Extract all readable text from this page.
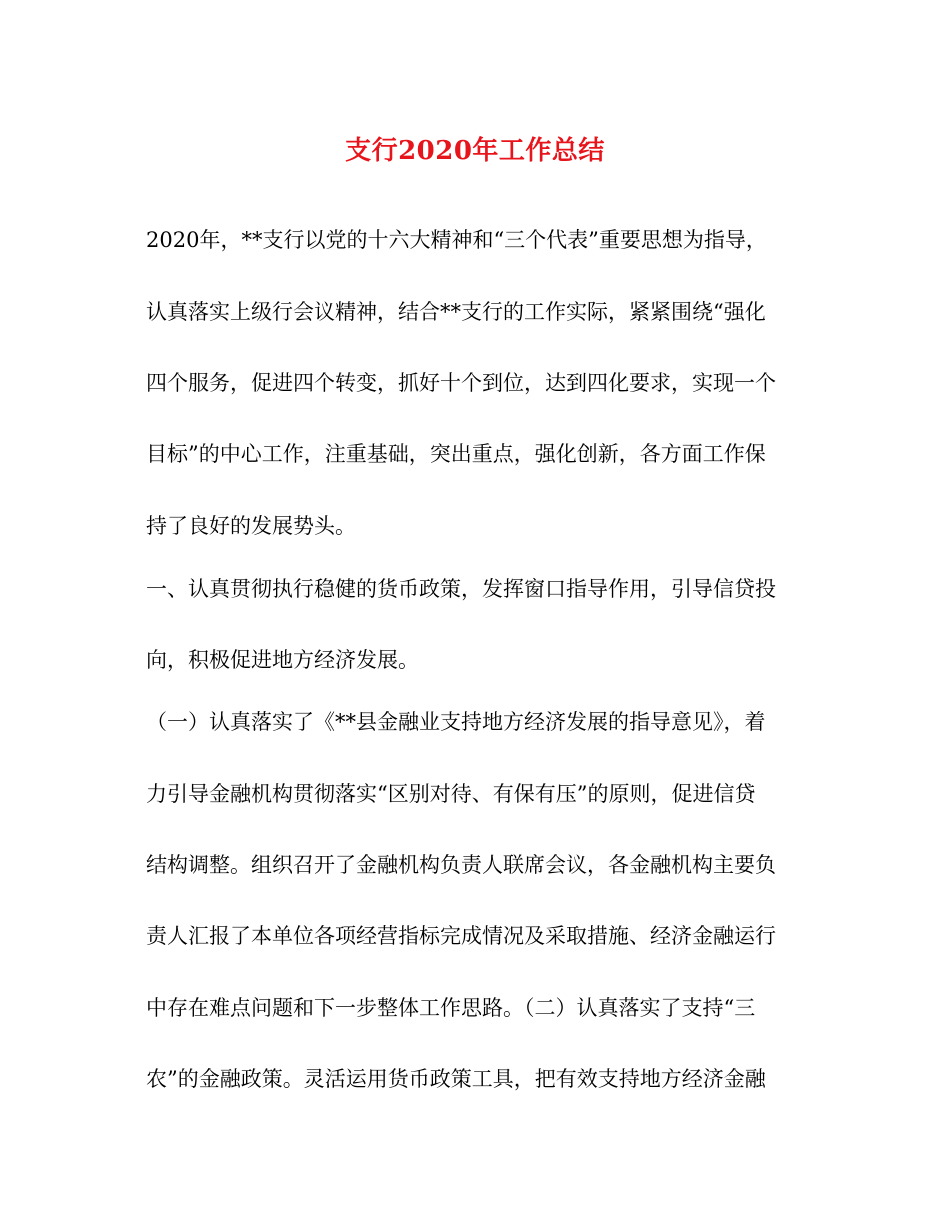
支行2020年工作总结
2020年，**支行以党的十六大精神和“三个代表”重要思想为指导，
认真落实上级行会议精神，结合**支行的工作实际，紧紧围绕“强化
四个服务，促进四个转变，抓好十个到位，达到四化要求，实现一个
目标”的中心工作，注重基础，突出重点，强化创新，各方面工作保
持了良好的发展势头。
一、认真贯彻执行稳健的货币政策，发挥窗口指导作用，引导信贷投
向，积极促进地方经济发展。
（一）认真落实了《**县金融业支持地方经济发展的指导意见》，着
力引导金融机构贯彻落实“区别对待、有保有压”的原则，促进信贷
结构调整。组织召开了金融机构负责人联席会议，各金融机构主要负
责人汇报了本单位各项经营指标完成情况及采取措施、经济金融运行
中存在难点问题和下一步整体工作思路。（二）认真落实了支持“三
农”的金融政策。灵活运用货币政策工具，把有效支持地方经济金融
